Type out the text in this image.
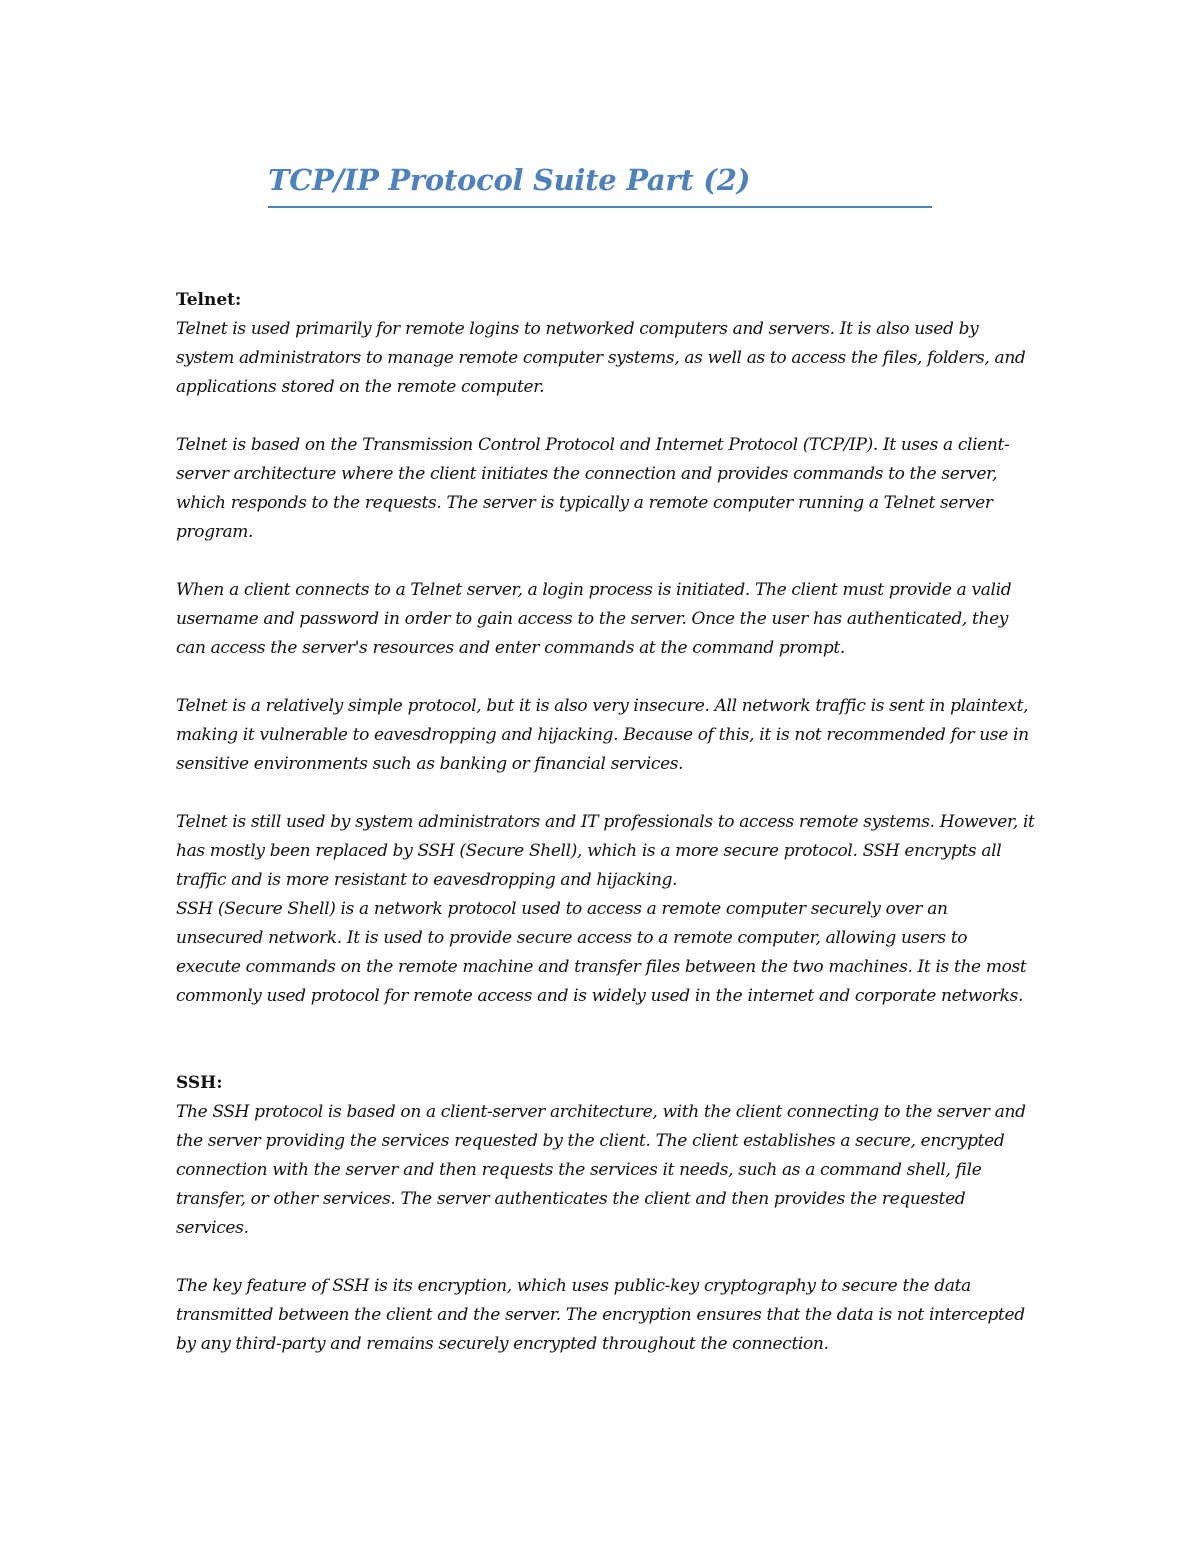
TCP/IP Protocol Suite Part (2)

Telnet:

Telnet is used primarily for remote logins to networked computers and servers. It is also used by system administrators to manage remote computer systems, as well as to access the files, folders, and applications stored on the remote computer.

Telnet is based on the Transmission Control Protocol and Internet Protocol (TCP/IP). It uses a client-server architecture where the client initiates the connection and provides commands to the server, which responds to the requests. The server is typically a remote computer running a Telnet server program.

When a client connects to a Telnet server, a login process is initiated. The client must provide a valid username and password in order to gain access to the server. Once the user has authenticated, they can access the server's resources and enter commands at the command prompt.

Telnet is a relatively simple protocol, but it is also very insecure. All network traffic is sent in plaintext, making it vulnerable to eavesdropping and hijacking. Because of this, it is not recommended for use in sensitive environments such as banking or financial services.

Telnet is still used by system administrators and IT professionals to access remote systems. However, it has mostly been replaced by SSH (Secure Shell), which is a more secure protocol. SSH encrypts all traffic and is more resistant to eavesdropping and hijacking.

SSH (Secure Shell) is a network protocol used to access a remote computer securely over an unsecured network. It is used to provide secure access to a remote computer, allowing users to execute commands on the remote machine and transfer files between the two machines. It is the most commonly used protocol for remote access and is widely used in the internet and corporate networks.

SSH:

The SSH protocol is based on a client-server architecture, with the client connecting to the server and the server providing the services requested by the client. The client establishes a secure, encrypted connection with the server and then requests the services it needs, such as a command shell, file transfer, or other services. The server authenticates the client and then provides the requested services.

The key feature of SSH is its encryption, which uses public-key cryptography to secure the data transmitted between the client and the server. The encryption ensures that the data is not intercepted by any third-party and remains securely encrypted throughout the connection.
